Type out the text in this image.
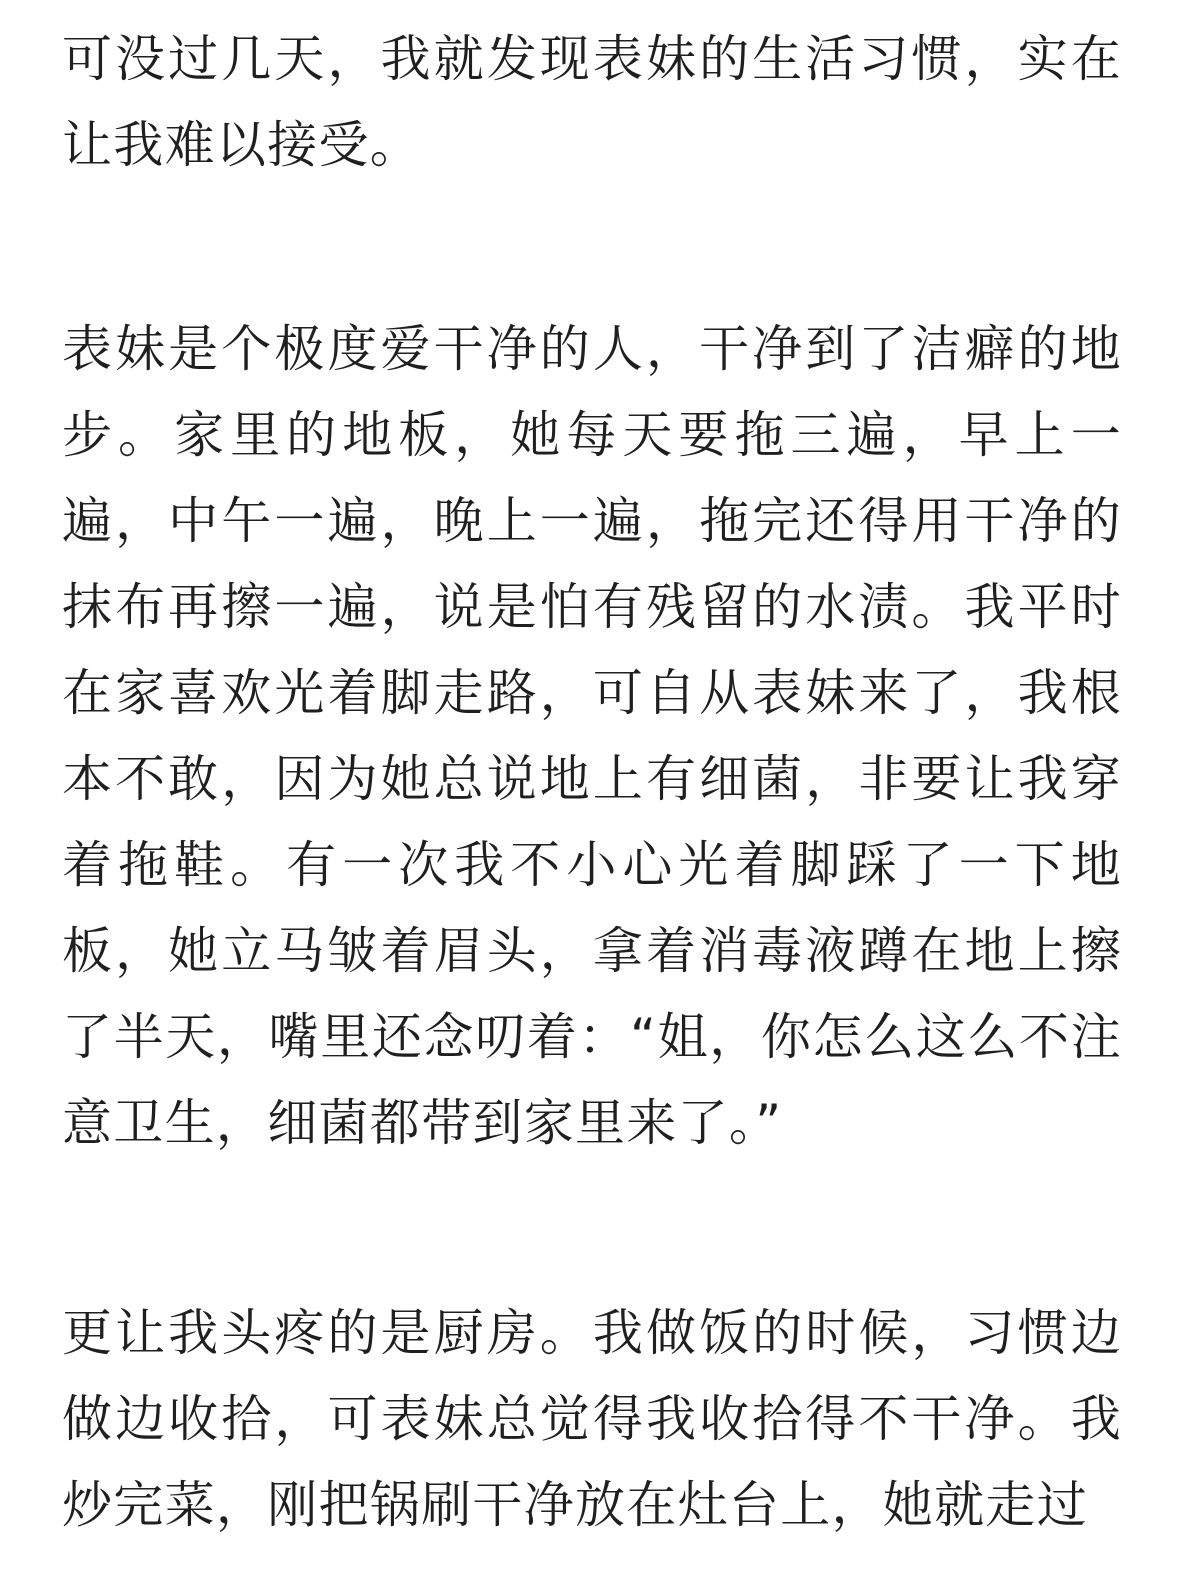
可没过几天，我就发现表妹的生活习惯，实在让我难以接受。

表妹是个极度爱干净的人，干净到了洁癖的地步。家里的地板，她每天要拖三遍，早上一遍，中午一遍，晚上一遍，拖完还得用干净的抹布再擦一遍，说是怕有残留的水渍。我平时在家喜欢光着脚走路，可自从表妹来了，我根本不敢，因为她总说地上有细菌，非要让我穿着拖鞋。有一次我不小心光着脚踩了一下地板，她立马皱着眉头，拿着消毒液蹲在地上擦了半天，嘴里还念叨着：“姐，你怎么这么不注意卫生，细菌都带到家里来了。”

更让我头疼的是厨房。我做饭的时候，习惯边做边收拾，可表妹总觉得我收拾得不干净。我炒完菜，刚把锅刷干净放在灶台上，她就走过
